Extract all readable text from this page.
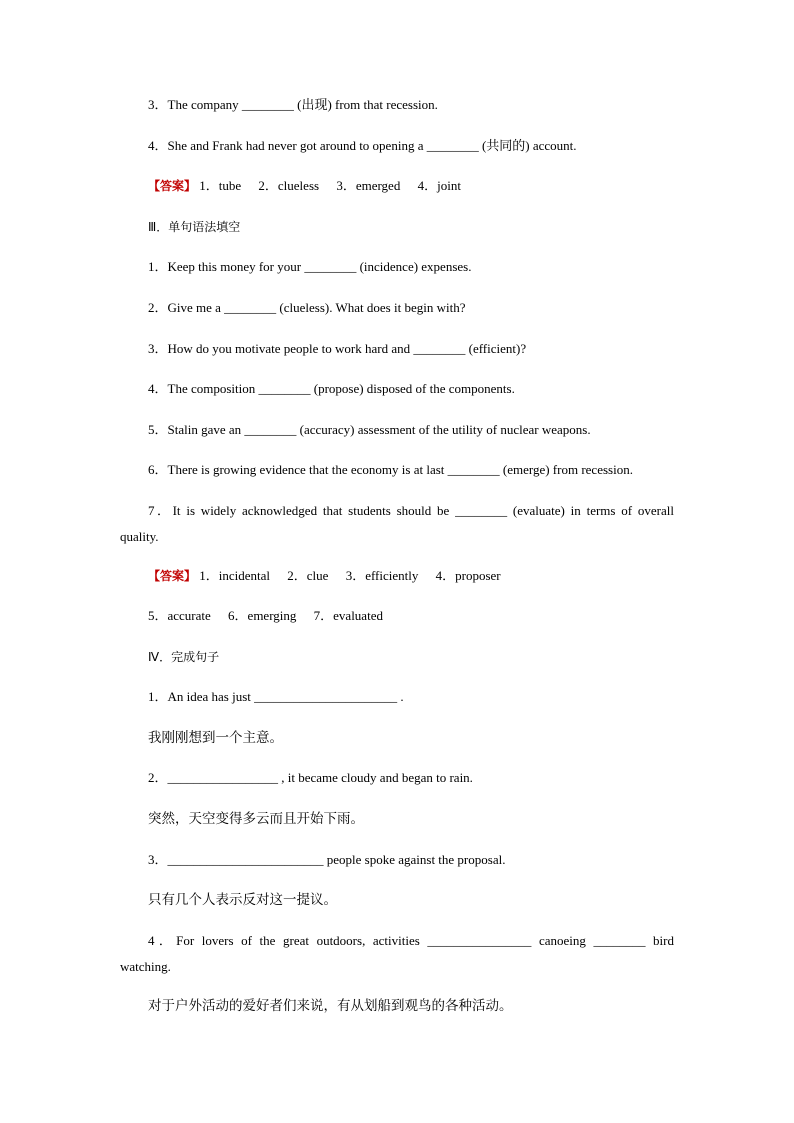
3．The company ________ (出现) from that recession.
4．She and Frank had never got around to opening a ________ (共同的) account.
【答案】 1．tube 2．clueless 3．emerged 4．joint
Ⅲ．单句语法填空
1．Keep this money for your ________ (incidence) expenses.
2．Give me a ________ (clueless). What does it begin with?
3．How do you motivate people to work hard and ________ (efficient)?
4．The composition ________ (propose) disposed of the components.
5．Stalin gave an ________ (accuracy) assessment of the utility of nuclear weapons.
6．There is growing evidence that the economy is at last ________ (emerge) from recession.
7．It is widely acknowledged that students should be ________ (evaluate) in terms of overall
quality.
【答案】 1．incidental 2．clue 3．efficiently 4．proposer
5．accurate 6．emerging 7．evaluated
Ⅳ．完成句子
1．An idea has just ______________________ .
我刚刚想到一个主意。
2．_________________ , it became cloudy and began to rain.
突然，天空变得多云而且开始下雨。
3．________________________ people spoke against the proposal.
只有几个人表示反对这一提议。
4．For lovers of the great outdoors, activities ________________ canoeing ________ bird
watching.
对于户外活动的爱好者们来说，有从划船到观鸟的各种活动。
